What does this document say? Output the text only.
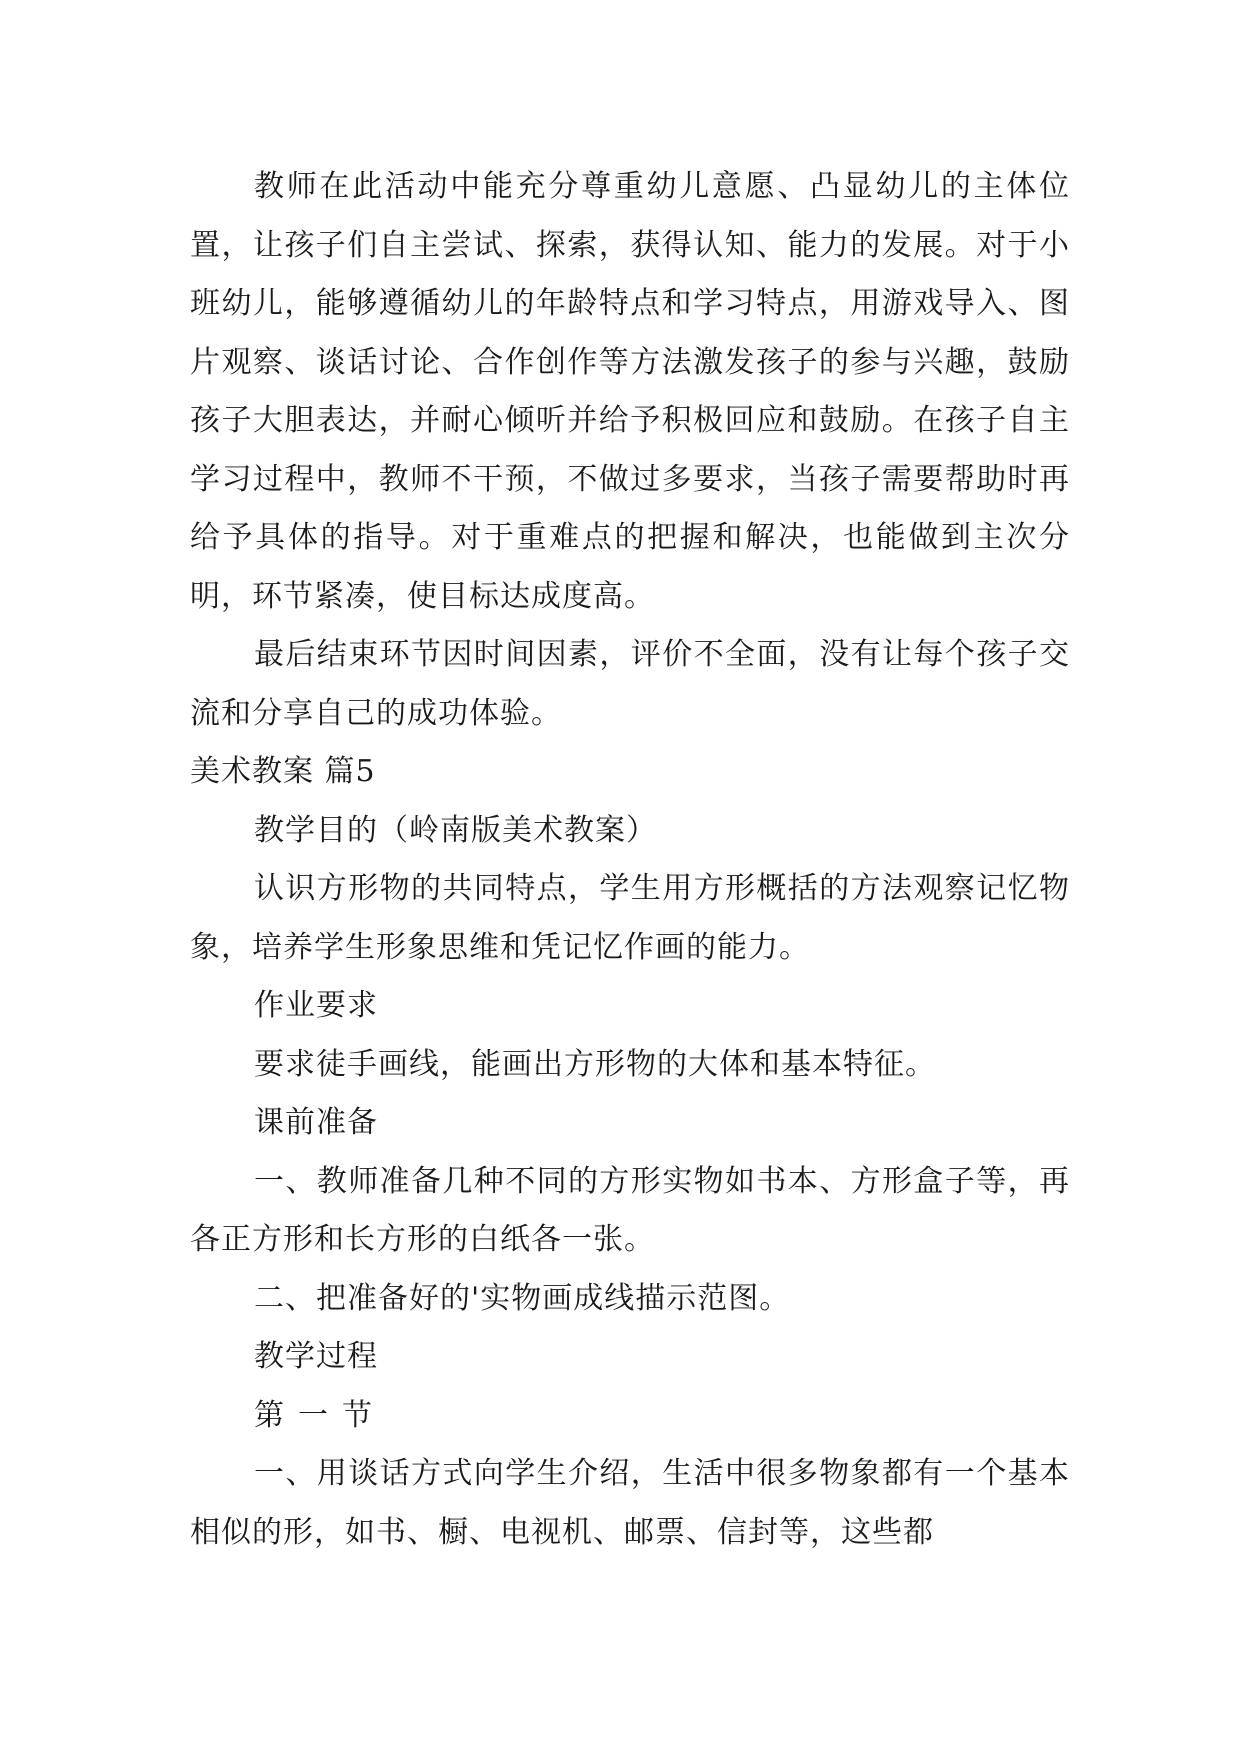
教师在此活动中能充分尊重幼儿意愿、凸显幼儿的主体位置，让孩子们自主尝试、探索，获得认知、能力的发展。对于小班幼儿，能够遵循幼儿的年龄特点和学习特点，用游戏导入、图片观察、谈话讨论、合作创作等方法激发孩子的参与兴趣，鼓励孩子大胆表达，并耐心倾听并给予积极回应和鼓励。在孩子自主学习过程中，教师不干预，不做过多要求，当孩子需要帮助时再给予具体的指导。对于重难点的把握和解决，也能做到主次分明，环节紧凑，使目标达成度高。

最后结束环节因时间因素，评价不全面，没有让每个孩子交流和分享自己的成功体验。

美术教案 篇5

教学目的（岭南版美术教案）

认识方形物的共同特点，学生用方形概括的方法观察记忆物象，培养学生形象思维和凭记忆作画的能力。

作业要求

要求徒手画线，能画出方形物的大体和基本特征。

课前准备

一、教师准备几种不同的方形实物如书本、方形盒子等，再各正方形和长方形的白纸各一张。

二、把准备好的'实物画成线描示范图。

教学过程

第一节

一、用谈话方式向学生介绍，生活中很多物象都有一个基本相似的形，如书、橱、电视机、邮票、信封等，这些都
